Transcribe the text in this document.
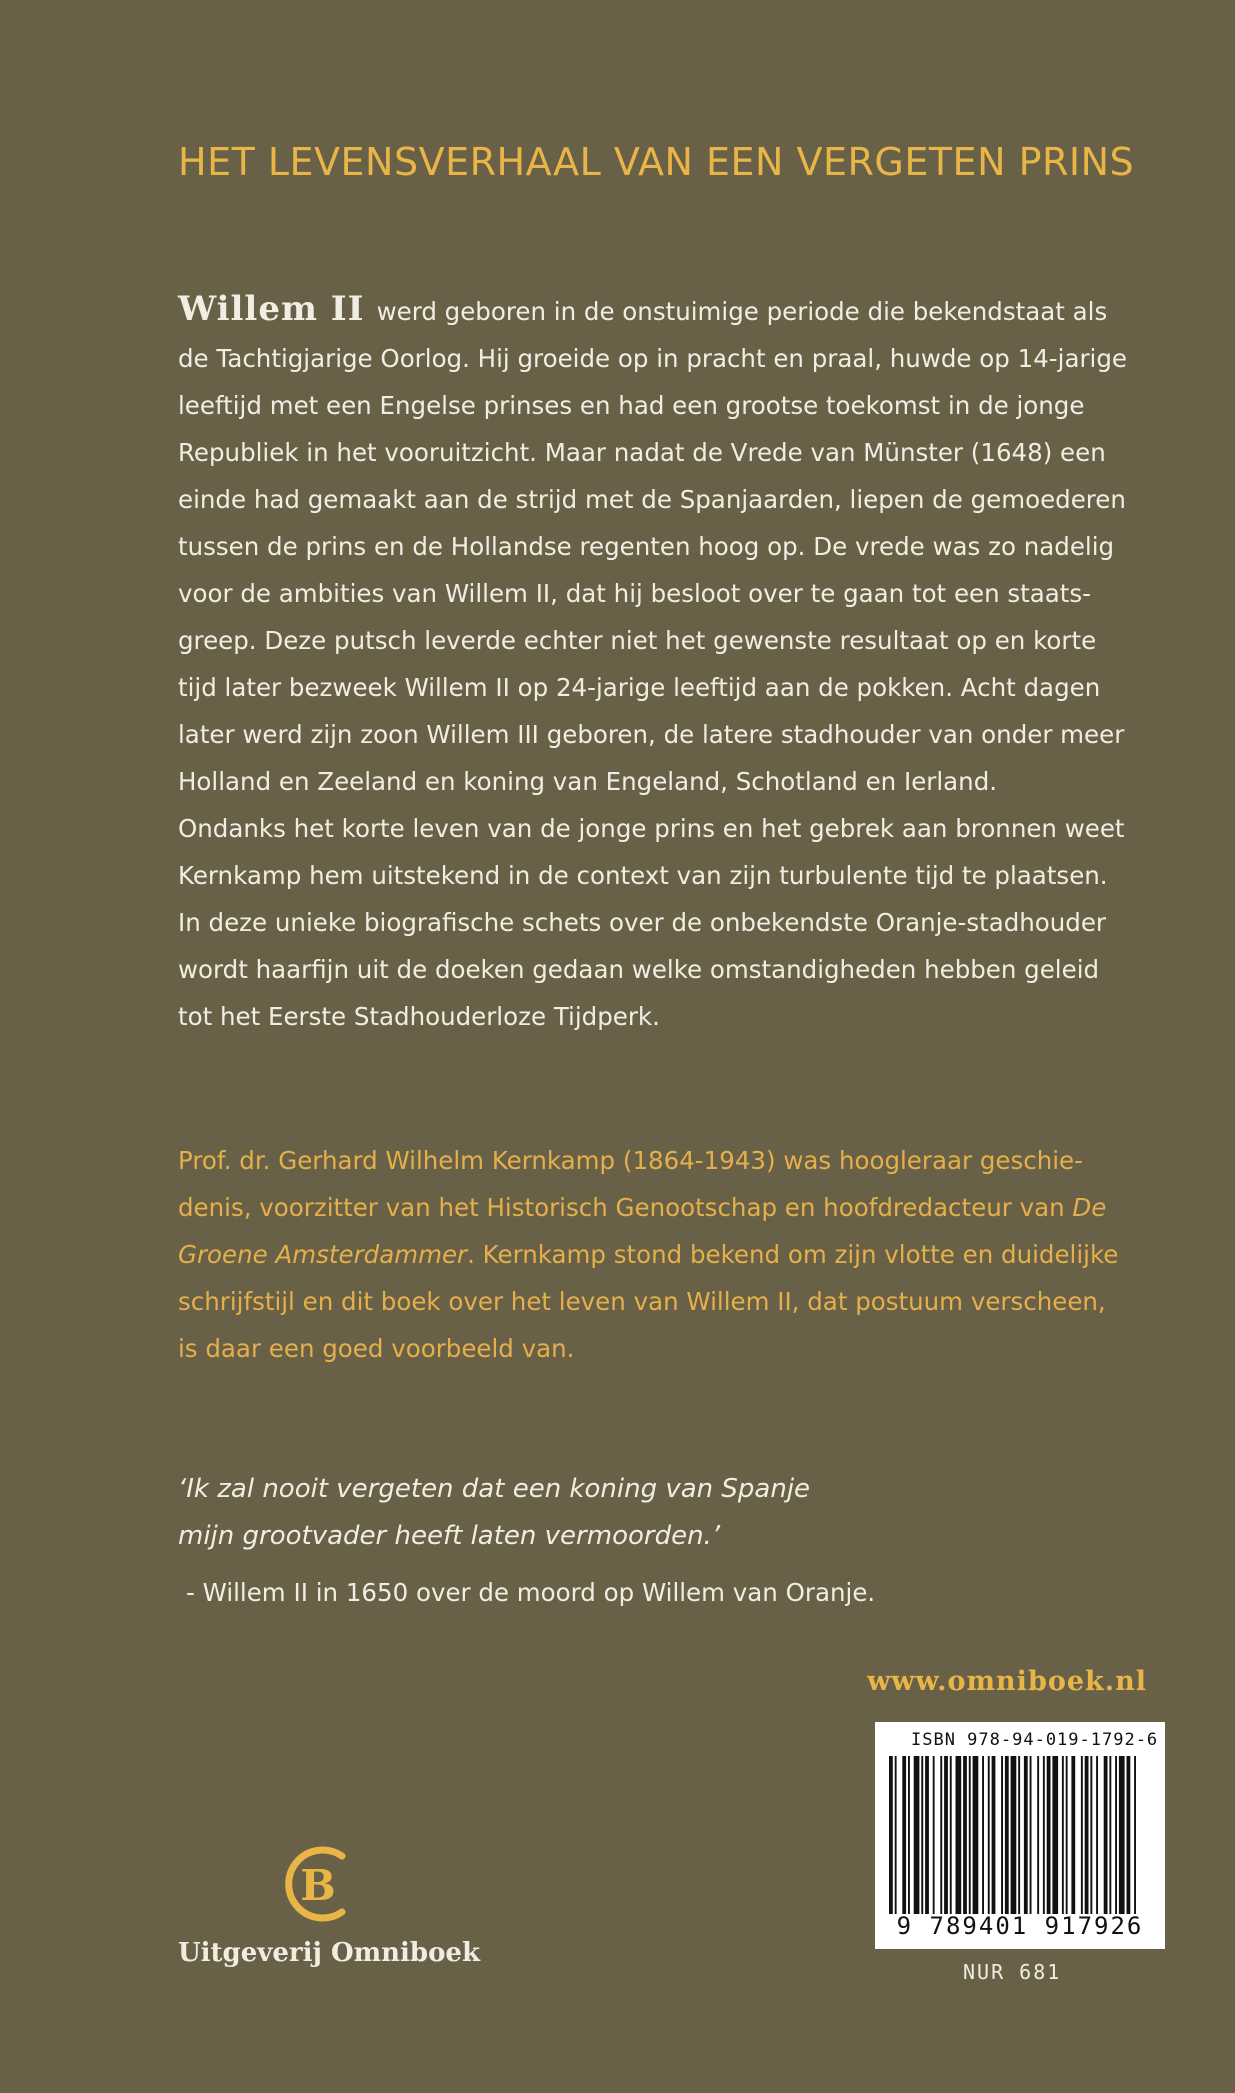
HET LEVENSVERHAAL VAN EEN VERGETEN PRINS
Willem II werd geboren in de onstuimige periode die bekendstaat als
de Tachtigjarige Oorlog. Hij groeide op in pracht en praal, huwde op 14-jarige
leeftijd met een Engelse prinses en had een grootse toekomst in de jonge
Republiek in het vooruitzicht. Maar nadat de Vrede van Münster (1648) een
einde had gemaakt aan de strijd met de Spanjaarden, liepen de gemoederen
tussen de prins en de Hollandse regenten hoog op. De vrede was zo nadelig
voor de ambities van Willem II, dat hij besloot over te gaan tot een staats-
greep. Deze putsch leverde echter niet het gewenste resultaat op en korte
tijd later bezweek Willem II op 24-jarige leeftijd aan de pokken. Acht dagen
later werd zijn zoon Willem III geboren, de latere stadhouder van onder meer
Holland en Zeeland en koning van Engeland, Schotland en Ierland.
Ondanks het korte leven van de jonge prins en het gebrek aan bronnen weet
Kernkamp hem uitstekend in de context van zijn turbulente tijd te plaatsen.
In deze unieke biografische schets over de onbekendste Oranje-stadhouder
wordt haarfijn uit de doeken gedaan welke omstandigheden hebben geleid
tot het Eerste Stadhouderloze Tijdperk.
Prof. dr. Gerhard Wilhelm Kernkamp (1864-1943) was hoogleraar geschie-
denis, voorzitter van het Historisch Genootschap en hoofdredacteur van De
Groene Amsterdammer. Kernkamp stond bekend om zijn vlotte en duidelijke
schrijfstijl en dit boek over het leven van Willem II, dat postuum verscheen,
is daar een goed voorbeeld van.
‘Ik zal nooit vergeten dat een koning van Spanje
mijn grootvader heeft laten vermoorden.’
- Willem II in 1650 over de moord op Willem van Oranje.
www.omniboek.nl
ISBN 978-94-019-1792-6
9 789401 917926
NUR 681
B
Uitgeverij Omniboek
